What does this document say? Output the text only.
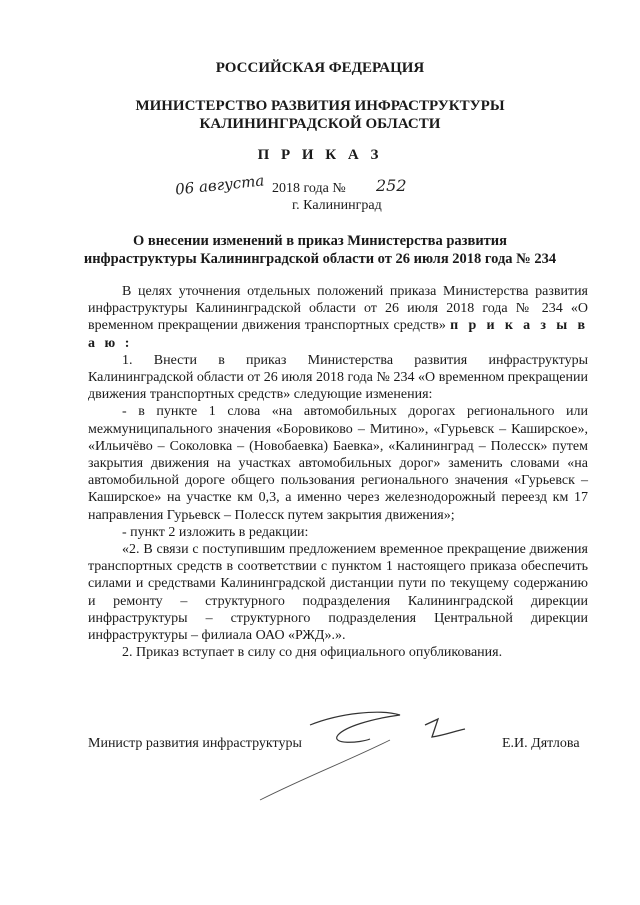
РОССИЙСКАЯ ФЕДЕРАЦИЯ
МИНИСТЕРСТВО РАЗВИТИЯ ИНФРАСТРУКТУРЫ
КАЛИНИНГРАДСКОЙ ОБЛАСТИ
П Р И К А З
06 августа 2018 года № 252
г. Калининград
О внесении изменений в приказ Министерства развития
инфраструктуры Калининградской области от 26 июля 2018 года № 234

В целях уточнения отдельных положений приказа Министерства развития инфраструктуры Калининградской области от 26 июля 2018 года № 234 «О временном прекращении движения транспортных средств» п р и к а з ы в а ю :

1. Внести в приказ Министерства развития инфраструктуры Калининградской области от 26 июля 2018 года № 234 «О временном прекращении движения транспортных средств» следующие изменения:

- в пункте 1 слова «на автомобильных дорогах регионального или межмуниципального значения «Боровиково – Митино», «Гурьевск – Каширское», «Ильичёво – Соколовка – (Новобаевка) Баевка», «Калининград – Полесск» путем закрытия движения на участках автомобильных дорог» заменить словами «на автомобильной дороге общего пользования регионального значения «Гурьевск – Каширское» на участке км 0,3, а именно через железнодорожный переезд км 17 направления Гурьевск – Полесск путем закрытия движения»;

- пункт 2 изложить в редакции:

«2. В связи с поступившим предложением временное прекращение движения транспортных средств в соответствии с пунктом 1 настоящего приказа обеспечить силами и средствами Калининградской дистанции пути по текущему содержанию и ремонту – структурного подразделения Калининградской дирекции инфраструктуры – структурного подразделения Центральной дирекции инфраструктуры – филиала ОАО «РЖД».».

2. Приказ вступает в силу со дня официального опубликования.

Министр развития инфраструктуры	Е.И. Дятлова
